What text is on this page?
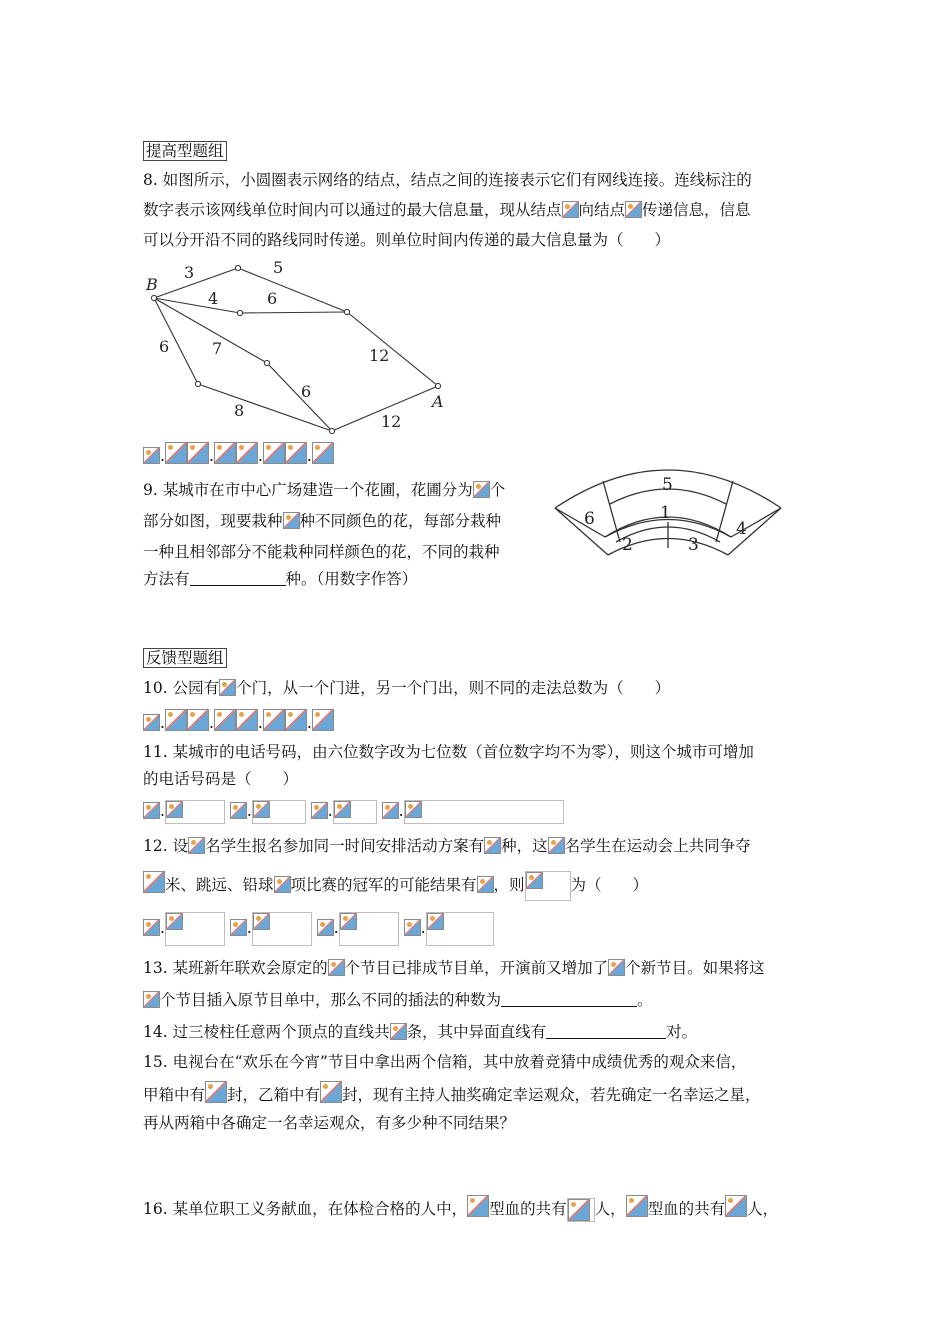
提高型题组
8. 如图所示，小圆圈表示网络的结点，结点之间的连接表示它们有网线连接。连线标注的
数字表示该网线单位时间内可以通过的最大信息量，现从结点 向结点 传递信息，信息
可以分开沿不同的路线同时传递。则单位时间内传递的最大信息量为（　　）
B
A
3	5
4	6
6	7	12
6
8
12
.	.	.	.
9. 某城市在市中心广场建造一个花圃，花圃分为 个
部分如图，现要栽种 种不同颜色的花，每部分栽种
一种且相邻部分不能栽种同样颜色的花，不同的栽种
方法有	种。（用数字作答）
5
1
6	4
2	3
反馈型题组
10. 公园有 个门，从一个门进，另一个门出，则不同的走法总数为（　　）
.	.	.	.
11. 某城市的电话号码，由六位数字改为七位数（首位数字均不为零），则这个城市可增加
的电话号码是（　　）
.	.	.	.
12. 设 名学生报名参加同一时间安排活动方案有 种，这 名学生在运动会上共同争夺
米、跳远、铅球 项比赛的冠军的可能结果有 ，则	为（　　）
.	.	.	.
13. 某班新年联欢会原定的 个节目已排成节目单，开演前又增加了 个新节目。如果将这
个节目插入原节目单中，那么不同的插法的种数为	。
14. 过三棱柱任意两个顶点的直线共 条，其中异面直线有	对。
15. 电视台在“欢乐在今宵”节目中拿出两个信箱，其中放着竞猜中成绩优秀的观众来信，
甲箱中有 封，乙箱中有 封，现有主持人抽奖确定幸运观众，若先确定一名幸运之星，
再从两箱中各确定一名幸运观众，有多少种不同结果？
16. 某单位职工义务献血，在体检合格的人中， 型血的共有 人， 型血的共有 人，
